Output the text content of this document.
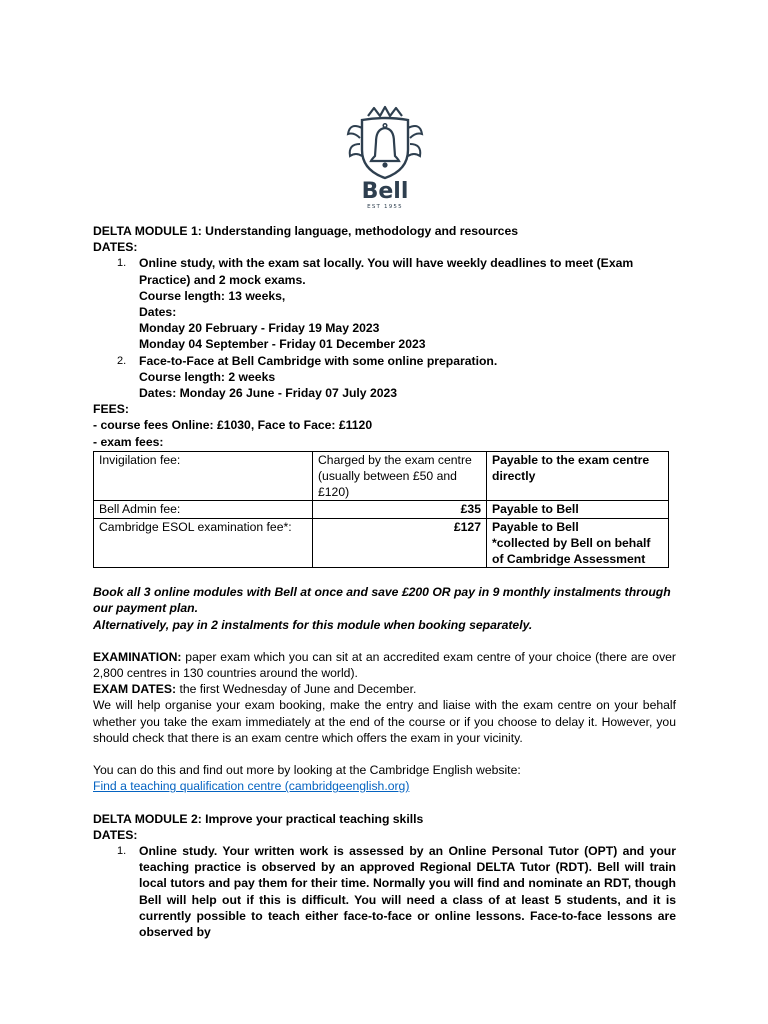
Bell
EST 1955
DELTA MODULE 1: Understanding language, methodology and resources
DATES:
1. Online study, with the exam sat locally. You will have weekly deadlines to meet (Exam
Practice) and 2 mock exams.
Course length: 13 weeks,
Dates:
Monday 20 February - Friday 19 May 2023
Monday 04 September - Friday 01 December 2023
2. Face-to-Face at Bell Cambridge with some online preparation.
Course length: 2 weeks
Dates: Monday 26 June - Friday 07 July 2023
FEES:
- course fees Online: £1030, Face to Face: £1120
- exam fees:
Invigilation fee:	Charged by the exam centre (usually between £50 and £120)	Payable to the exam centre directly
Bell Admin fee:	£35	Payable to Bell
Cambridge ESOL examination fee*:	£127	Payable to Bell
*collected by Bell on behalf of Cambridge Assessment
Book all 3 online modules with Bell at once and save £200 OR pay in 9 monthly instalments through our payment plan.
Alternatively, pay in 2 instalments for this module when booking separately.
EXAMINATION: paper exam which you can sit at an accredited exam centre of your choice (there are over 2,800 centres in 130 countries around the world).
EXAM DATES: the first Wednesday of June and December.
We will help organise your exam booking, make the entry and liaise with the exam centre on your behalf whether you take the exam immediately at the end of the course or if you choose to delay it. However, you should check that there is an exam centre which offers the exam in your vicinity.
You can do this and find out more by looking at the Cambridge English website:
Find a teaching qualification centre (cambridgeenglish.org)
DELTA MODULE 2: Improve your practical teaching skills
DATES:
1. Online study. Your written work is assessed by an Online Personal Tutor (OPT) and your teaching practice is observed by an approved Regional DELTA Tutor (RDT). Bell will train local tutors and pay them for their time. Normally you will find and nominate an RDT, though Bell will help out if this is difficult. You will need a class of at least 5 students, and it is currently possible to teach either face-to-face or online lessons. Face-to-face lessons are observed by
